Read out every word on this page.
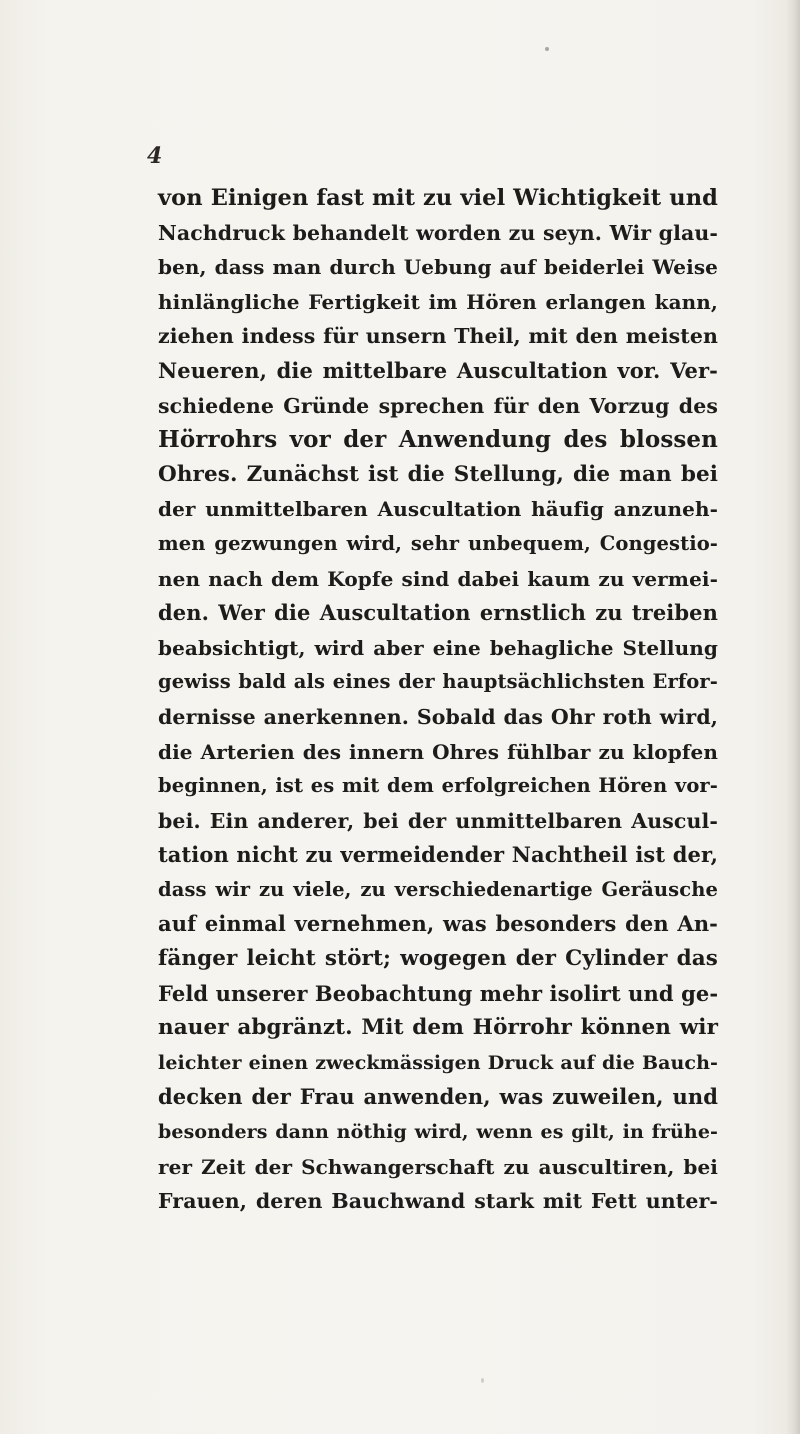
4
von Einigen fast mit zu viel Wichtigkeit und
Nachdruck behandelt worden zu seyn. Wir glau-
ben, dass man durch Uebung auf beiderlei Weise
hinlängliche Fertigkeit im Hören erlangen kann,
ziehen indess für unsern Theil, mit den meisten
Neueren, die mittelbare Auscultation vor. Ver-
schiedene Gründe sprechen für den Vorzug des
Hörrohrs vor der Anwendung des blossen
Ohres. Zunächst ist die Stellung, die man bei
der unmittelbaren Auscultation häufig anzuneh-
men gezwungen wird, sehr unbequem, Congestio-
nen nach dem Kopfe sind dabei kaum zu vermei-
den. Wer die Auscultation ernstlich zu treiben
beabsichtigt, wird aber eine behagliche Stellung
gewiss bald als eines der hauptsächlichsten Erfor-
dernisse anerkennen. Sobald das Ohr roth wird,
die Arterien des innern Ohres fühlbar zu klopfen
beginnen, ist es mit dem erfolgreichen Hören vor-
bei. Ein anderer, bei der unmittelbaren Auscul-
tation nicht zu vermeidender Nachtheil ist der,
dass wir zu viele, zu verschiedenartige Geräusche
auf einmal vernehmen, was besonders den An-
fänger leicht stört; wogegen der Cylinder das
Feld unserer Beobachtung mehr isolirt und ge-
nauer abgränzt. Mit dem Hörrohr können wir
leichter einen zweckmässigen Druck auf die Bauch-
decken der Frau anwenden, was zuweilen, und
besonders dann nöthig wird, wenn es gilt, in frühe-
rer Zeit der Schwangerschaft zu auscultiren, bei
Frauen, deren Bauchwand stark mit Fett unter-
